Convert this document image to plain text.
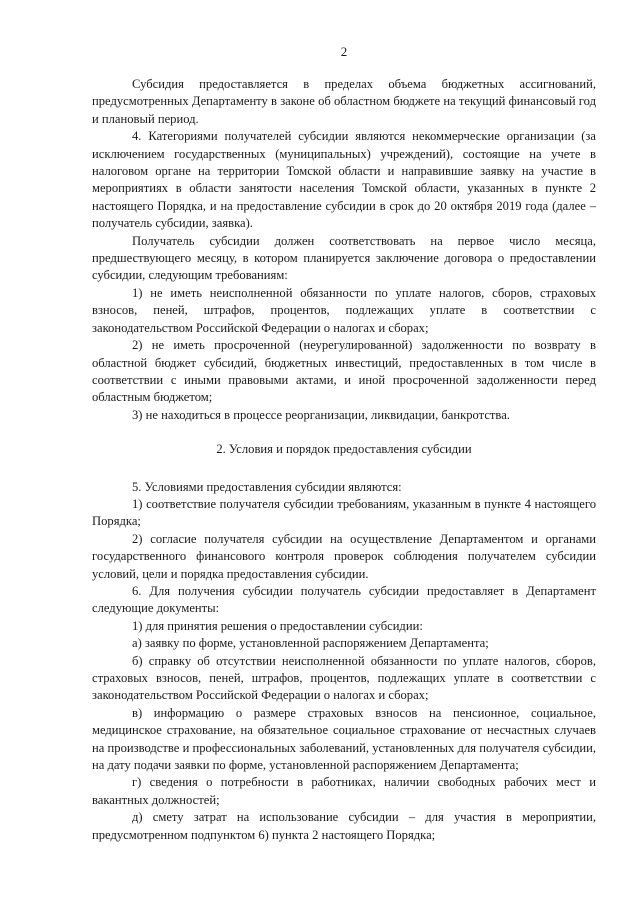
2

Субсидия предоставляется в пределах объема бюджетных ассигнований, предусмотренных Департаменту в законе об областном бюджете на текущий финансовый год и плановый период.

4. Категориями получателей субсидии являются некоммерческие организации (за исключением государственных (муниципальных) учреждений), состоящие на учете в налоговом органе на территории Томской области и направившие заявку на участие в мероприятиях в области занятости населения Томской области, указанных в пункте 2 настоящего Порядка, и на предоставление субсидии в срок до 20 октября 2019 года (далее – получатель субсидии, заявка).

Получатель субсидии должен соответствовать на первое число месяца, предшествующего месяцу, в котором планируется заключение договора о предоставлении субсидии, следующим требованиям:

1) не иметь неисполненной обязанности по уплате налогов, сборов, страховых взносов, пеней, штрафов, процентов, подлежащих уплате в соответствии с законодательством Российской Федерации о налогах и сборах;

2) не иметь просроченной (неурегулированной) задолженности по возврату в областной бюджет субсидий, бюджетных инвестиций, предоставленных в том числе в соответствии с иными правовыми актами, и иной просроченной задолженности перед областным бюджетом;

3) не находиться в процессе реорганизации, ликвидации, банкротства.

2. Условия и порядок предоставления субсидии

5. Условиями предоставления субсидии являются:

1) соответствие получателя субсидии требованиям, указанным в пункте 4 настоящего Порядка;

2) согласие получателя субсидии на осуществление Департаментом и органами государственного финансового контроля проверок соблюдения получателем субсидии условий, цели и порядка предоставления субсидии.

6. Для получения субсидии получатель субсидии предоставляет в Департамент следующие документы:

1) для принятия решения о предоставлении субсидии:

а) заявку по форме, установленной распоряжением Департамента;

б) справку об отсутствии неисполненной обязанности по уплате налогов, сборов, страховых взносов, пеней, штрафов, процентов, подлежащих уплате в соответствии с законодательством Российской Федерации о налогах и сборах;

в) информацию о размере страховых взносов на пенсионное, социальное, медицинское страхование, на обязательное социальное страхование от несчастных случаев на производстве и профессиональных заболеваний, установленных для получателя субсидии, на дату подачи заявки по форме, установленной распоряжением Департамента;

г) сведения о потребности в работниках, наличии свободных рабочих мест и вакантных должностей;

д) смету затрат на использование субсидии – для участия в мероприятии, предусмотренном подпунктом 6) пункта 2 настоящего Порядка;
